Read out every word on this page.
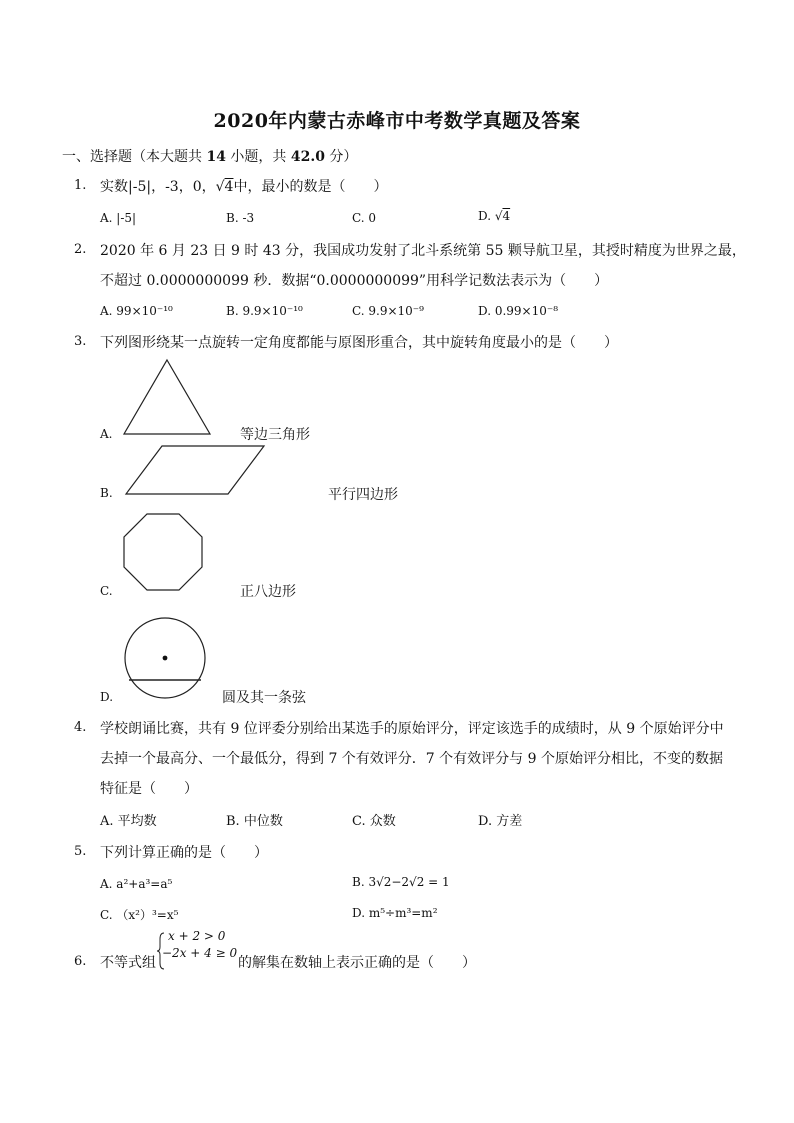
2020年内蒙古赤峰市中考数学真题及答案
一、选择题（本大题共 14 小题，共 42.0 分）
1. 实数|-5|，-3，0，√4中，最小的数是（　　）
A. |-5|	B. -3	C. 0	D. √4
2. 2020 年 6 月 23 日 9 时 43 分，我国成功发射了北斗系统第 55 颗导航卫星，其授时精度为世界之最，
不超过 0.0000000099 秒．数据“0.0000000099”用科学记数法表示为（　　）
A. 99×10⁻¹⁰	B. 9.9×10⁻¹⁰	C. 9.9×10⁻⁹	D. 0.99×10⁻⁸
3. 下列图形绕某一点旋转一定角度都能与原图形重合，其中旋转角度最小的是（　　）
A.	等边三角形
B.	平行四边形
C.	正八边形
D.	圆及其一条弦
4. 学校朗诵比赛，共有 9 位评委分别给出某选手的原始评分，评定该选手的成绩时，从 9 个原始评分中
去掉一个最高分、一个最低分，得到 7 个有效评分．7 个有效评分与 9 个原始评分相比，不变的数据
特征是（　　）
A. 平均数	B. 中位数	C. 众数	D. 方差
5. 下列计算正确的是（　　）
A. a²+a³=a⁵	B. 3√2−2√2 = 1
C. （x²）³=x⁵	D. m⁵÷m³=m²
6. 不等式组
x + 2 > 0
−2x + 4 ≥ 0
的解集在数轴上表示正确的是（　　）
